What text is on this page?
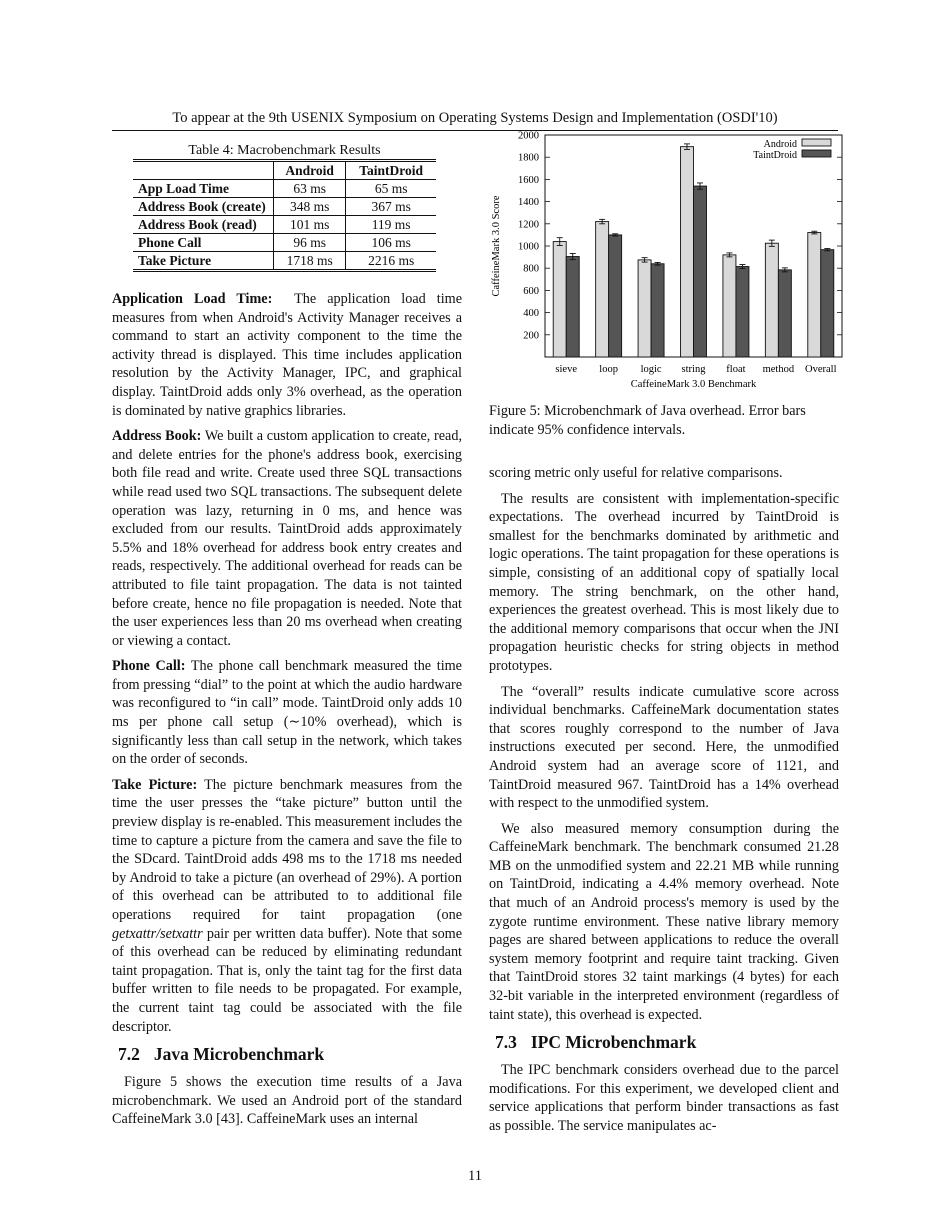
To appear at the 9th USENIX Symposium on Operating Systems Design and Implementation (OSDI'10)
Table 4: Macrobenchmark Results
	Android	TaintDroid
App Load Time	63 ms	65 ms
Address Book (create)	348 ms	367 ms
Address Book (read)	101 ms	119 ms
Phone Call	96 ms	106 ms
Take Picture	1718 ms	2216 ms

Application Load Time: The application load time measures from when Android's Activity Manager receives a command to start an activity component to the time the activity thread is displayed. This time includes application resolution by the Activity Manager, IPC, and graphical display. TaintDroid adds only 3% overhead, as the operation is dominated by native graphics libraries.

Address Book: We built a custom application to create, read, and delete entries for the phone's address book, exercising both file read and write. Create used three SQL transactions while read used two SQL transactions. The subsequent delete operation was lazy, returning in 0 ms, and hence was excluded from our results. TaintDroid adds approximately 5.5% and 18% overhead for address book entry creates and reads, respectively. The additional overhead for reads can be attributed to file taint propagation. The data is not tainted before create, hence no file propagation is needed. Note that the user experiences less than 20 ms overhead when creating or viewing a contact.

Phone Call: The phone call benchmark measured the time from pressing “dial” to the point at which the audio hardware was reconfigured to “in call” mode. TaintDroid only adds 10 ms per phone call setup (∼10% overhead), which is significantly less than call setup in the network, which takes on the order of seconds.

Take Picture: The picture benchmark measures from the time the user presses the “take picture” button until the preview display is re-enabled. This measurement includes the time to capture a picture from the camera and save the file to the SDcard. TaintDroid adds 498 ms to the 1718 ms needed by Android to take a picture (an overhead of 29%). A portion of this overhead can be attributed to to additional file operations required for taint propagation (one getxattr/setxattr pair per written data buffer). Note that some of this overhead can be reduced by eliminating redundant taint propagation. That is, only the taint tag for the first data buffer written to file needs to be propagated. For example, the current taint tag could be associated with the file descriptor.

7.2 Java Microbenchmark

Figure 5 shows the execution time results of a Java microbenchmark. We used an Android port of the standard CaffeineMark 3.0 [43]. CaffeineMark uses an internal

200
400
600
800
1000
1200
1400
1600
1800
2000
sieve loop logic string float method Overall
CaffeineMark 3.0 Benchmark
CaffeineMark 3.0 Score
Android
TaintDroid
Figure 5: Microbenchmark of Java overhead. Error bars indicate 95% confidence intervals.

scoring metric only useful for relative comparisons.

The results are consistent with implementation-specific expectations. The overhead incurred by TaintDroid is smallest for the benchmarks dominated by arithmetic and logic operations. The taint propagation for these operations is simple, consisting of an additional copy of spatially local memory. The string benchmark, on the other hand, experiences the greatest overhead. This is most likely due to the additional memory comparisons that occur when the JNI propagation heuristic checks for string objects in method prototypes.

The “overall” results indicate cumulative score across individual benchmarks. CaffeineMark documentation states that scores roughly correspond to the number of Java instructions executed per second. Here, the unmodified Android system had an average score of 1121, and TaintDroid measured 967. TaintDroid has a 14% overhead with respect to the unmodified system.

We also measured memory consumption during the CaffeineMark benchmark. The benchmark consumed 21.28 MB on the unmodified system and 22.21 MB while running on TaintDroid, indicating a 4.4% memory overhead. Note that much of an Android process's memory is used by the zygote runtime environment. These native library memory pages are shared between applications to reduce the overall system memory footprint and require taint tracking. Given that TaintDroid stores 32 taint markings (4 bytes) for each 32-bit variable in the interpreted environment (regardless of taint state), this overhead is expected.

7.3 IPC Microbenchmark

The IPC benchmark considers overhead due to the parcel modifications. For this experiment, we developed client and service applications that perform binder transactions as fast as possible. The service manipulates ac-

11
